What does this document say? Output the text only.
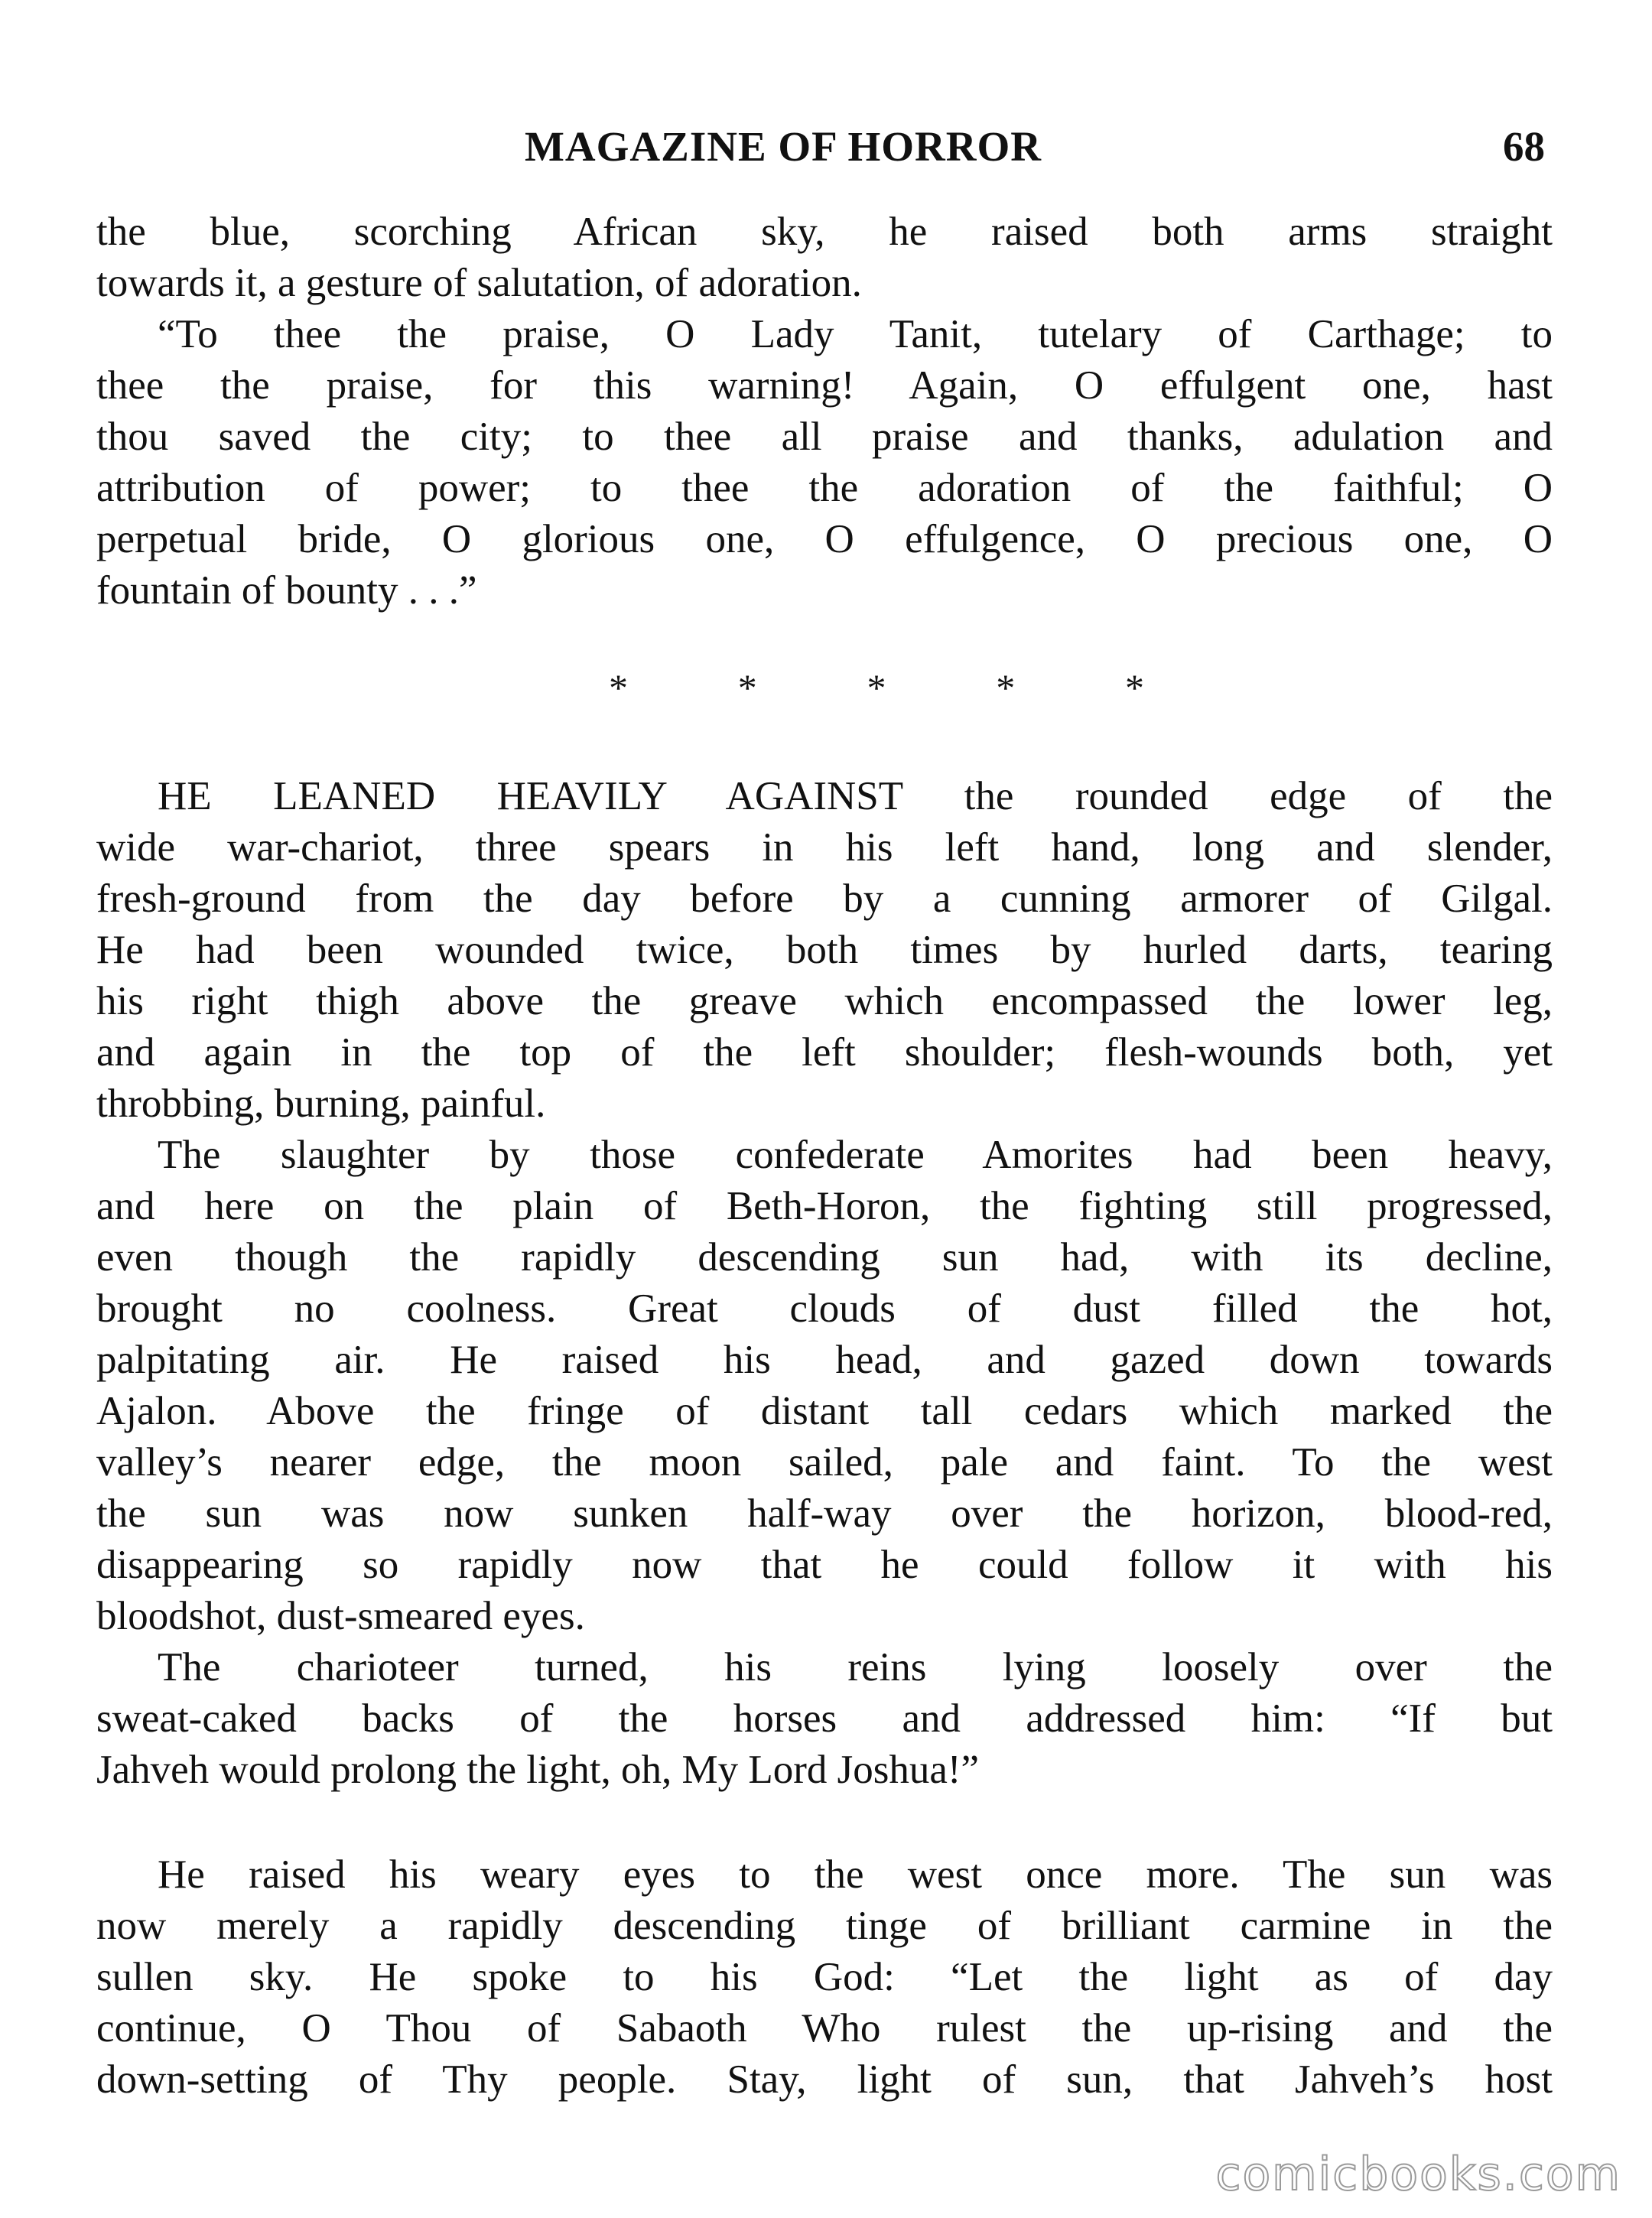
MAGAZINE OF HORROR	68

the blue, scorching African sky, he raised both arms straight
towards it, a gesture of salutation, of adoration.

“To thee the praise, O Lady Tanit, tutelary of Carthage; to
thee the praise, for this warning! Again, O effulgent one, hast
thou saved the city; to thee all praise and thanks, adulation and
attribution of power; to thee the adoration of the faithful; O
perpetual bride, O glorious one, O effulgence, O precious one, O
fountain of bounty . . .”

*	*	*	*	*

HE LEANED HEAVILY AGAINST the rounded edge of the
wide war-chariot, three spears in his left hand, long and slender,
fresh-ground from the day before by a cunning armorer of Gilgal.
He had been wounded twice, both times by hurled darts, tearing
his right thigh above the greave which encompassed the lower leg,
and again in the top of the left shoulder; flesh-wounds both, yet
throbbing, burning, painful.

The slaughter by those confederate Amorites had been heavy,
and here on the plain of Beth-Horon, the fighting still progressed,
even though the rapidly descending sun had, with its decline,
brought no coolness. Great clouds of dust filled the hot,
palpitating air. He raised his head, and gazed down towards
Ajalon. Above the fringe of distant tall cedars which marked the
valley’s nearer edge, the moon sailed, pale and faint. To the west
the sun was now sunken half-way over the horizon, blood-red,
disappearing so rapidly now that he could follow it with his
bloodshot, dust-smeared eyes.

The charioteer turned, his reins lying loosely over the
sweat-caked backs of the horses and addressed him: “If but
Jahveh would prolong the light, oh, My Lord Joshua!”

He raised his weary eyes to the west once more. The sun was
now merely a rapidly descending tinge of brilliant carmine in the
sullen sky. He spoke to his God: “Let the light as of day
continue, O Thou of Sabaoth Who rulest the up-rising and the
down-setting of Thy people. Stay, light of sun, that Jahveh’s host

comicbooks.com
